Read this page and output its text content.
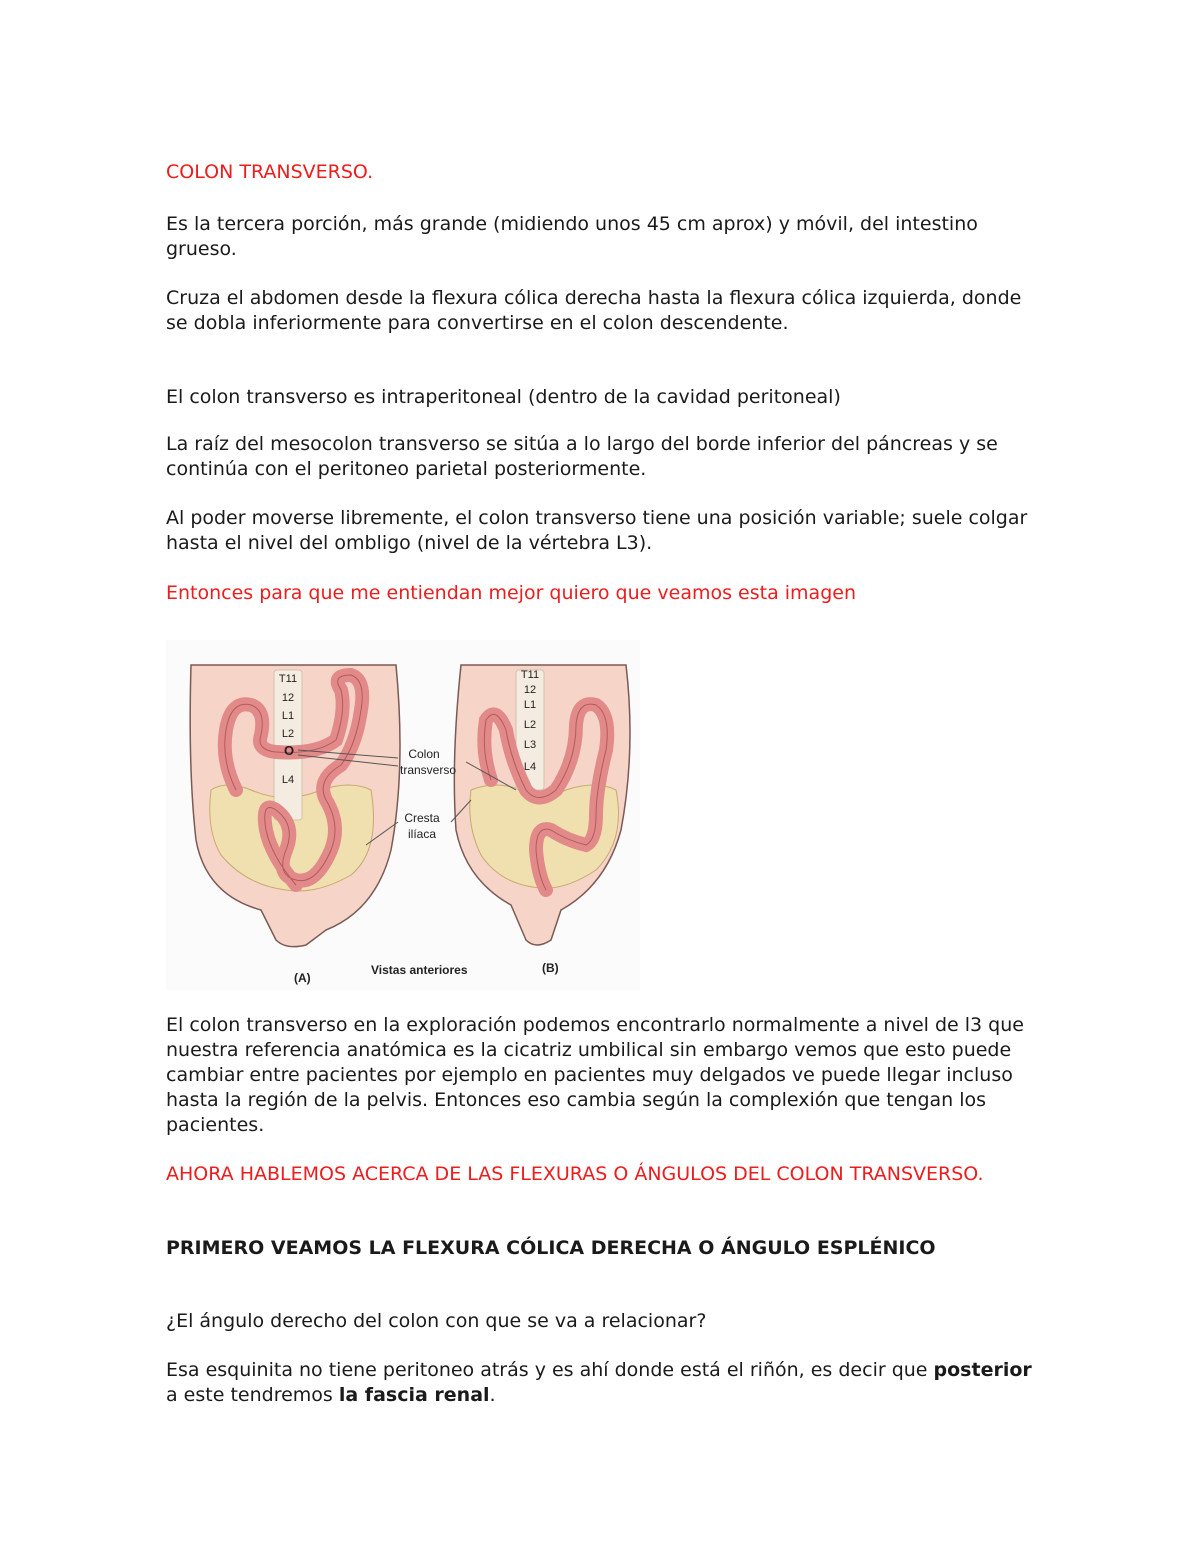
COLON TRANSVERSO.

Es la tercera porción, más grande (midiendo unos 45 cm aprox) y móvil, del intestino grueso.

Cruza el abdomen desde la flexura cólica derecha hasta la flexura cólica izquierda, donde se dobla inferiormente para convertirse en el colon descendente.

El colon transverso es intraperitoneal (dentro de la cavidad peritoneal)

La raíz del mesocolon transverso se sitúa a lo largo del borde inferior del páncreas y se continúa con el peritoneo parietal posteriormente.

Al poder moverse libremente, el colon transverso tiene una posición variable; suele colgar hasta el nivel del ombligo (nivel de la vértebra L3).

Entonces para que me entiendan mejor quiero que veamos esta imagen

El colon transverso en la exploración podemos encontrarlo normalmente a nivel de l3 que nuestra referencia anatómica es la cicatriz umbilical sin embargo vemos que esto puede cambiar entre pacientes por ejemplo en pacientes muy delgados ve puede llegar incluso hasta la región de la pelvis. Entonces eso cambia según la complexión que tengan los pacientes.

AHORA HABLEMOS ACERCA DE LAS FLEXURAS O ÁNGULOS DEL COLON TRANSVERSO.

PRIMERO VEAMOS LA FLEXURA CÓLICA DERECHA O ÁNGULO ESPLÉNICO

¿El ángulo derecho del colon con que se va a relacionar?

Esa esquinita no tiene peritoneo atrás y es ahí donde está el riñón, es decir que posterior a este tendremos la fascia renal.

T11
12
L1
L2
L4
O
T11
12
L1
L2
L3
L4
Colon
transverso
Cresta
ilíaca
(A)
Vistas anteriores	(B)
